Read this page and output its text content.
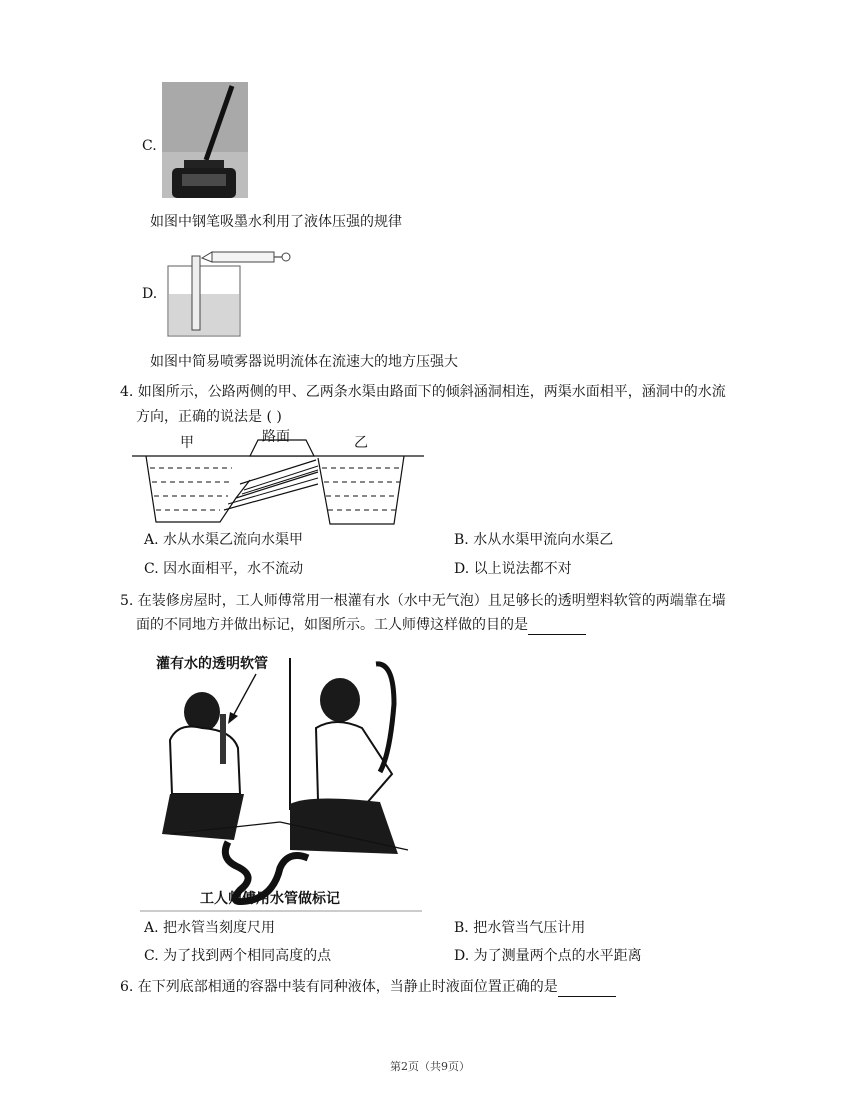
C.
如图中钢笔吸墨水利用了液体压强的规律
D.
如图中简易喷雾器说明流体在流速大的地方压强大
4. 如图所示，公路两侧的甲、乙两条水渠由路面下的倾斜涵洞相连，两渠水面相平，涵洞中的水流
方向，正确的说法是 ( )
甲	路面	乙
A. 水从水渠乙流向水渠甲	B. 水从水渠甲流向水渠乙
C. 因水面相平，水不流动	D. 以上说法都不对
5. 在装修房屋时，工人师傅常用一根灌有水（水中无气泡）且足够长的透明塑料软管的两端靠在墙
面的不同地方并做出标记，如图所示。工人师傅这样做的目的是
灌有水的透明软管
工人师傅用水管做标记
A. 把水管当刻度尺用	B. 把水管当气压计用
C. 为了找到两个相同高度的点	D. 为了测量两个点的水平距离
6. 在下列底部相通的容器中装有同种液体，当静止时液面位置正确的是
第2页（共9页）
